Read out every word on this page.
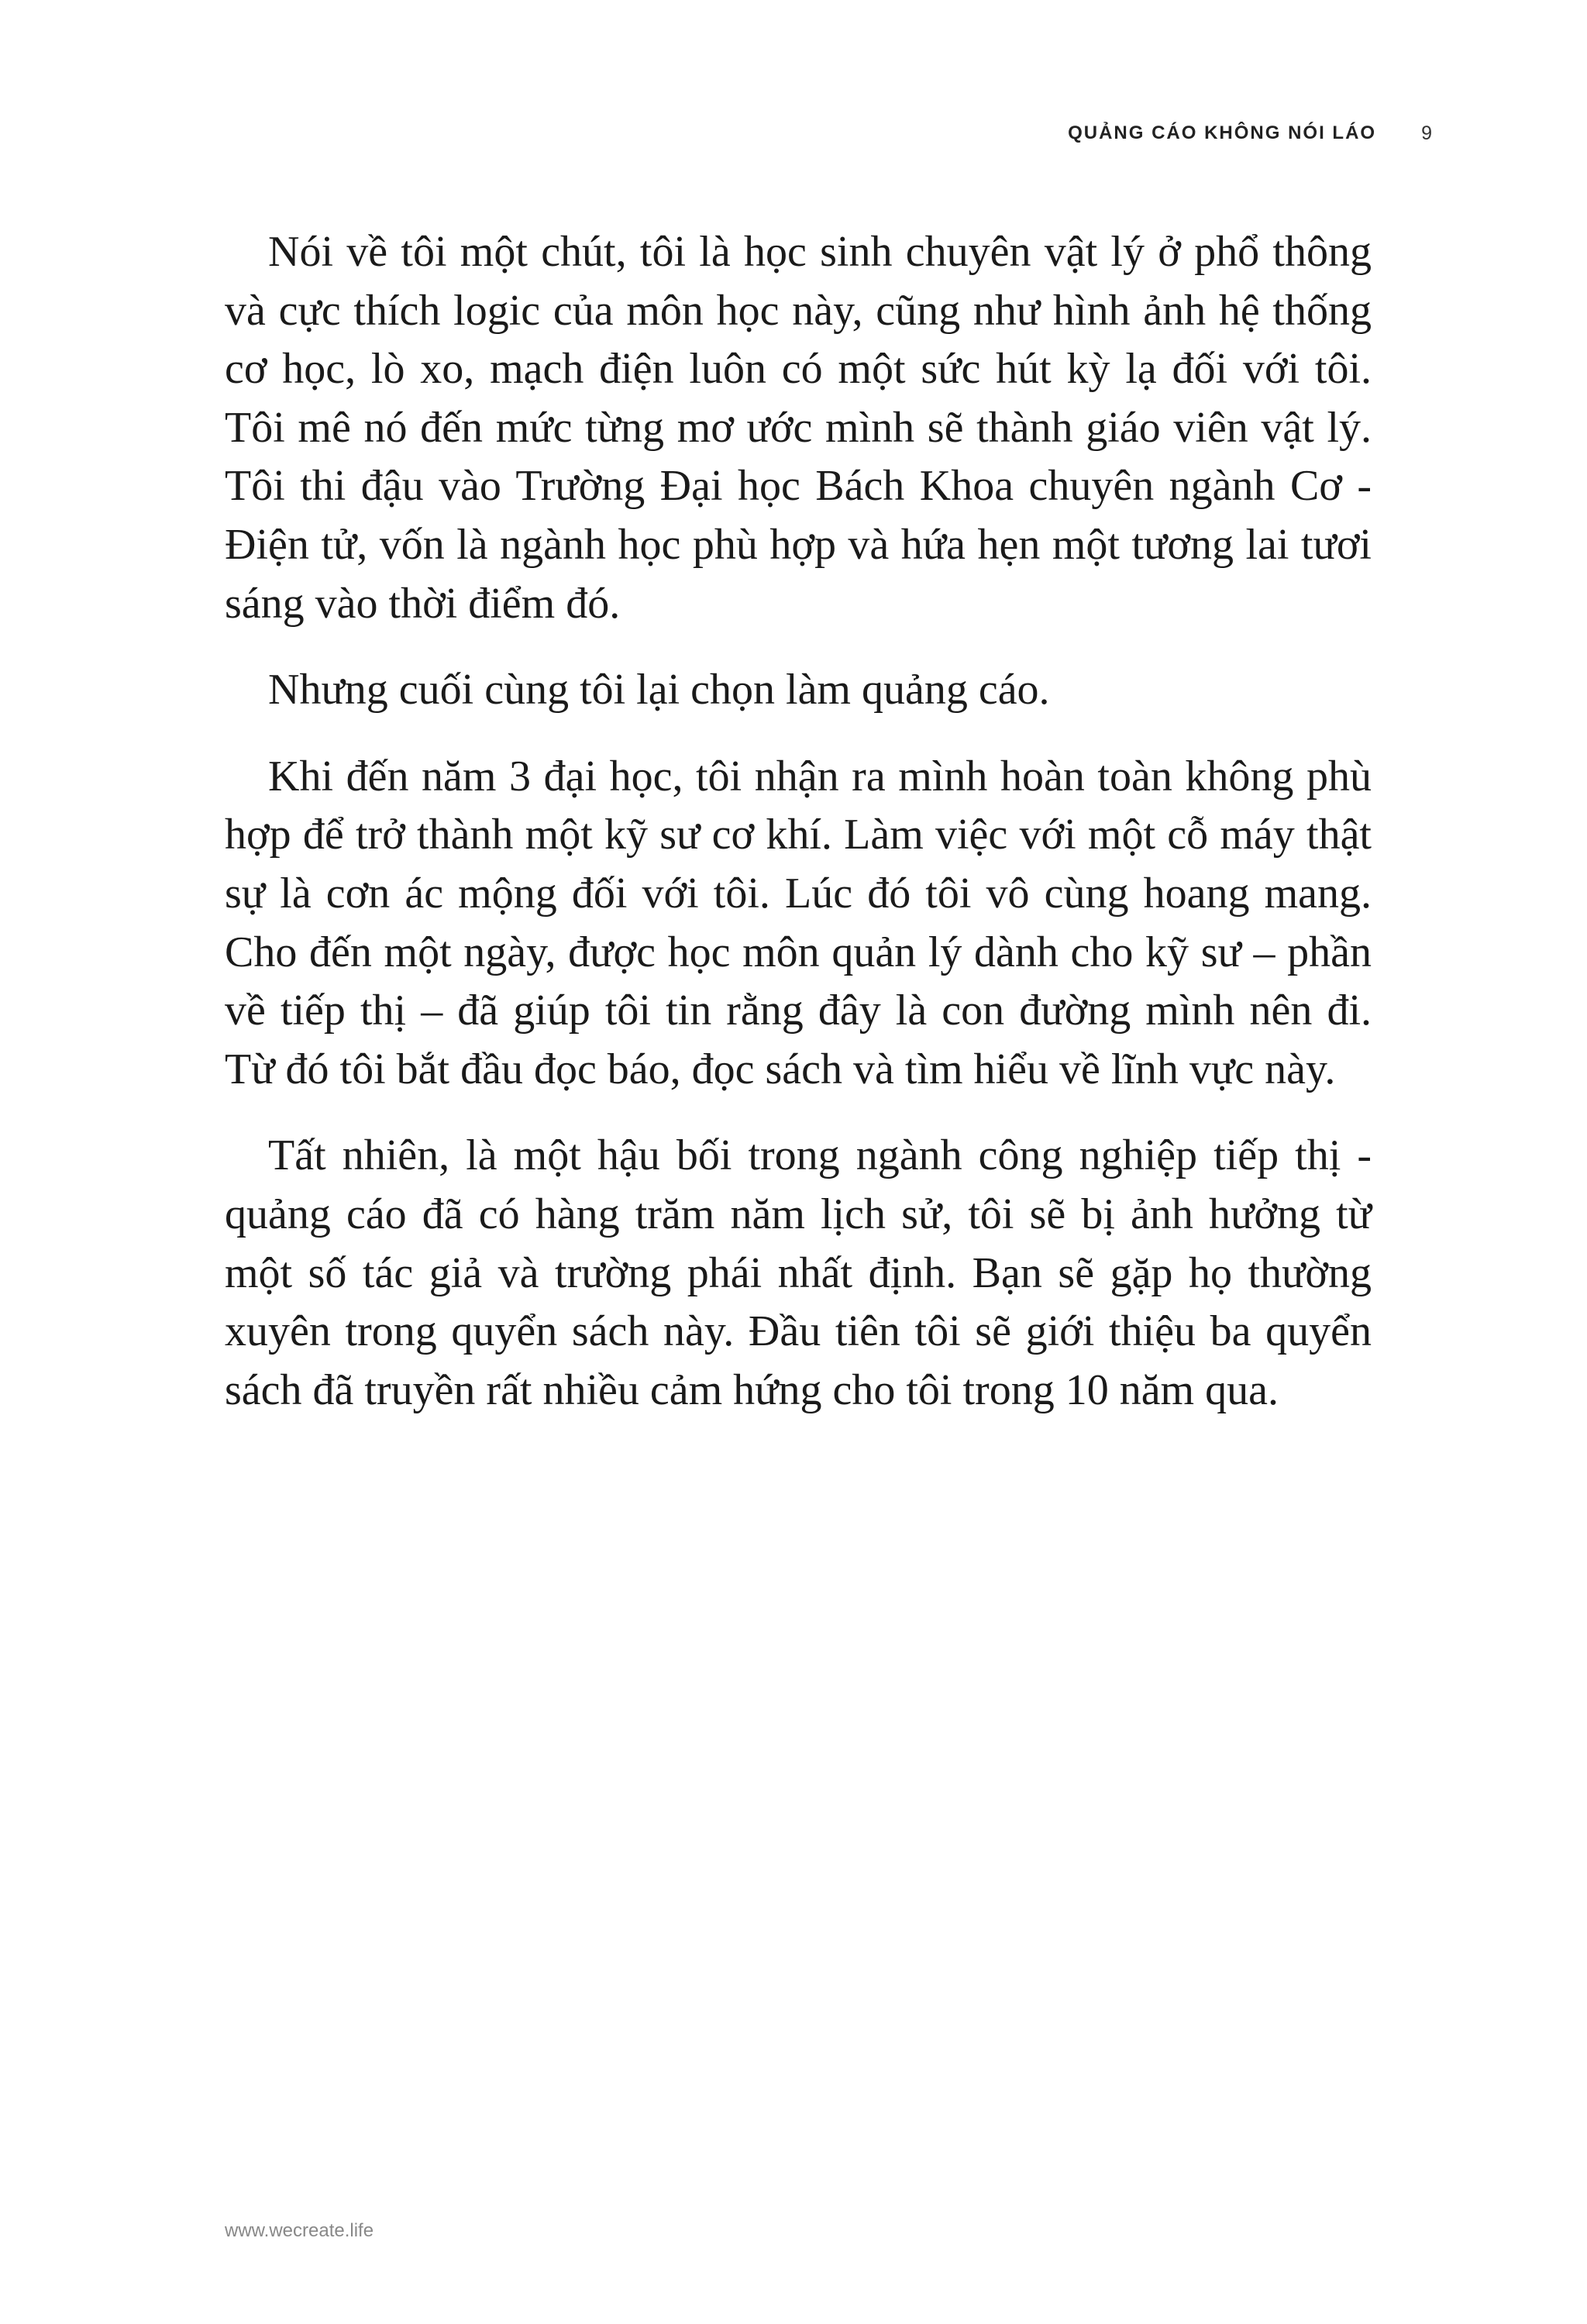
QUẢNG CÁO KHÔNG NÓI LÁO 9

Nói về tôi một chút, tôi là học sinh chuyên vật lý ở phổ thông và cực thích logic của môn học này, cũng như hình ảnh hệ thống cơ học, lò xo, mạch điện luôn có một sức hút kỳ lạ đối với tôi. Tôi mê nó đến mức từng mơ ước mình sẽ thành giáo viên vật lý. Tôi thi đậu vào Trường Đại học Bách Khoa chuyên ngành Cơ - Điện tử, vốn là ngành học phù hợp và hứa hẹn một tương lai tươi sáng vào thời điểm đó.

Nhưng cuối cùng tôi lại chọn làm quảng cáo.

Khi đến năm 3 đại học, tôi nhận ra mình hoàn toàn không phù hợp để trở thành một kỹ sư cơ khí. Làm việc với một cỗ máy thật sự là cơn ác mộng đối với tôi. Lúc đó tôi vô cùng hoang mang. Cho đến một ngày, được học môn quản lý dành cho kỹ sư – phần về tiếp thị – đã giúp tôi tin rằng đây là con đường mình nên đi. Từ đó tôi bắt đầu đọc báo, đọc sách và tìm hiểu về lĩnh vực này.

Tất nhiên, là một hậu bối trong ngành công nghiệp tiếp thị - quảng cáo đã có hàng trăm năm lịch sử, tôi sẽ bị ảnh hưởng từ một số tác giả và trường phái nhất định. Bạn sẽ gặp họ thường xuyên trong quyển sách này. Đầu tiên tôi sẽ giới thiệu ba quyển sách đã truyền rất nhiều cảm hứng cho tôi trong 10 năm qua.

www.wecreate.life
